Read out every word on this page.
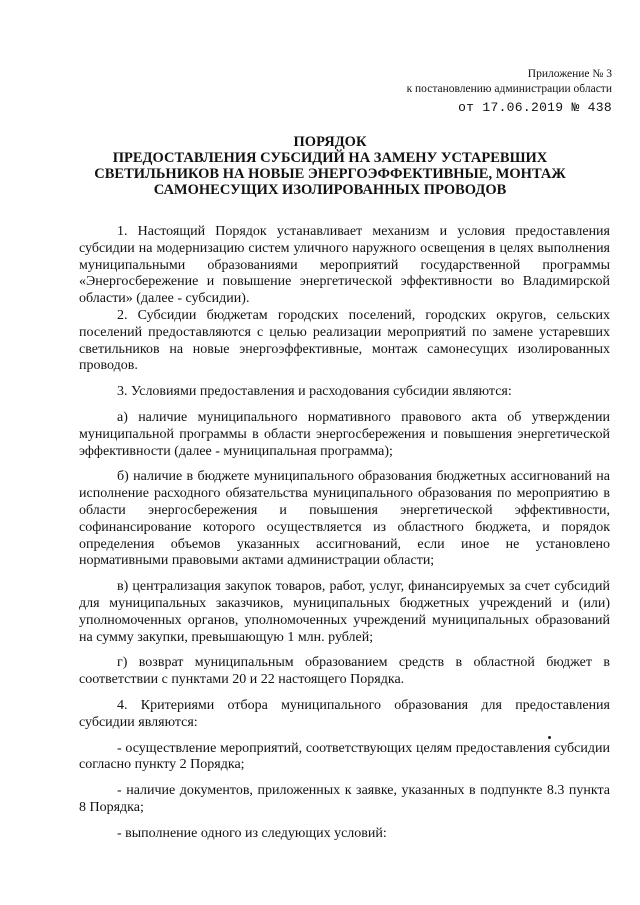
Приложение № 3
к постановлению администрации области
от 17.06.2019 № 438
ПОРЯДОК
ПРЕДОСТАВЛЕНИЯ СУБСИДИЙ НА ЗАМЕНУ УСТАРЕВШИХ
СВЕТИЛЬНИКОВ НА НОВЫЕ ЭНЕРГОЭФФЕКТИВНЫЕ, МОНТАЖ
САМОНЕСУЩИХ ИЗОЛИРОВАННЫХ ПРОВОДОВ

1. Настоящий Порядок устанавливает механизм и условия предоставления субсидии на модернизацию систем уличного наружного освещения в целях выполнения муниципальными образованиями мероприятий государственной программы «Энергосбережение и повышение энергетической эффективности во Владимирской области» (далее - субсидии).

2. Субсидии бюджетам городских поселений, городских округов, сельских поселений предоставляются с целью реализации мероприятий по замене устаревших светильников на новые энергоэффективные, монтаж самонесущих изолированных проводов.

3. Условиями предоставления и расходования субсидии являются:

а) наличие муниципального нормативного правового акта об утверждении муниципальной программы в области энергосбережения и повышения энергетической эффективности (далее - муниципальная программа);

б) наличие в бюджете муниципального образования бюджетных ассигнований на исполнение расходного обязательства муниципального образования по мероприятию в области энергосбережения и повышения энергетической эффективности, софинансирование которого осуществляется из областного бюджета, и порядок определения объемов указанных ассигнований, если иное не установлено нормативными правовыми актами администрации области;

в) централизация закупок товаров, работ, услуг, финансируемых за счет субсидий для муниципальных заказчиков, муниципальных бюджетных учреждений и (или) уполномоченных органов, уполномоченных учреждений муниципальных образований на сумму закупки, превышающую 1 млн. рублей;

г) возврат муниципальным образованием средств в областной бюджет в соответствии с пунктами 20 и 22 настоящего Порядка.

4. Критериями отбора муниципального образования для предоставления субсидии являются:

- осуществление мероприятий, соответствующих целям предоставления субсидии согласно пункту 2 Порядка;

- наличие документов, приложенных к заявке, указанных в подпункте 8.3 пункта 8 Порядка;

- выполнение одного из следующих условий:
